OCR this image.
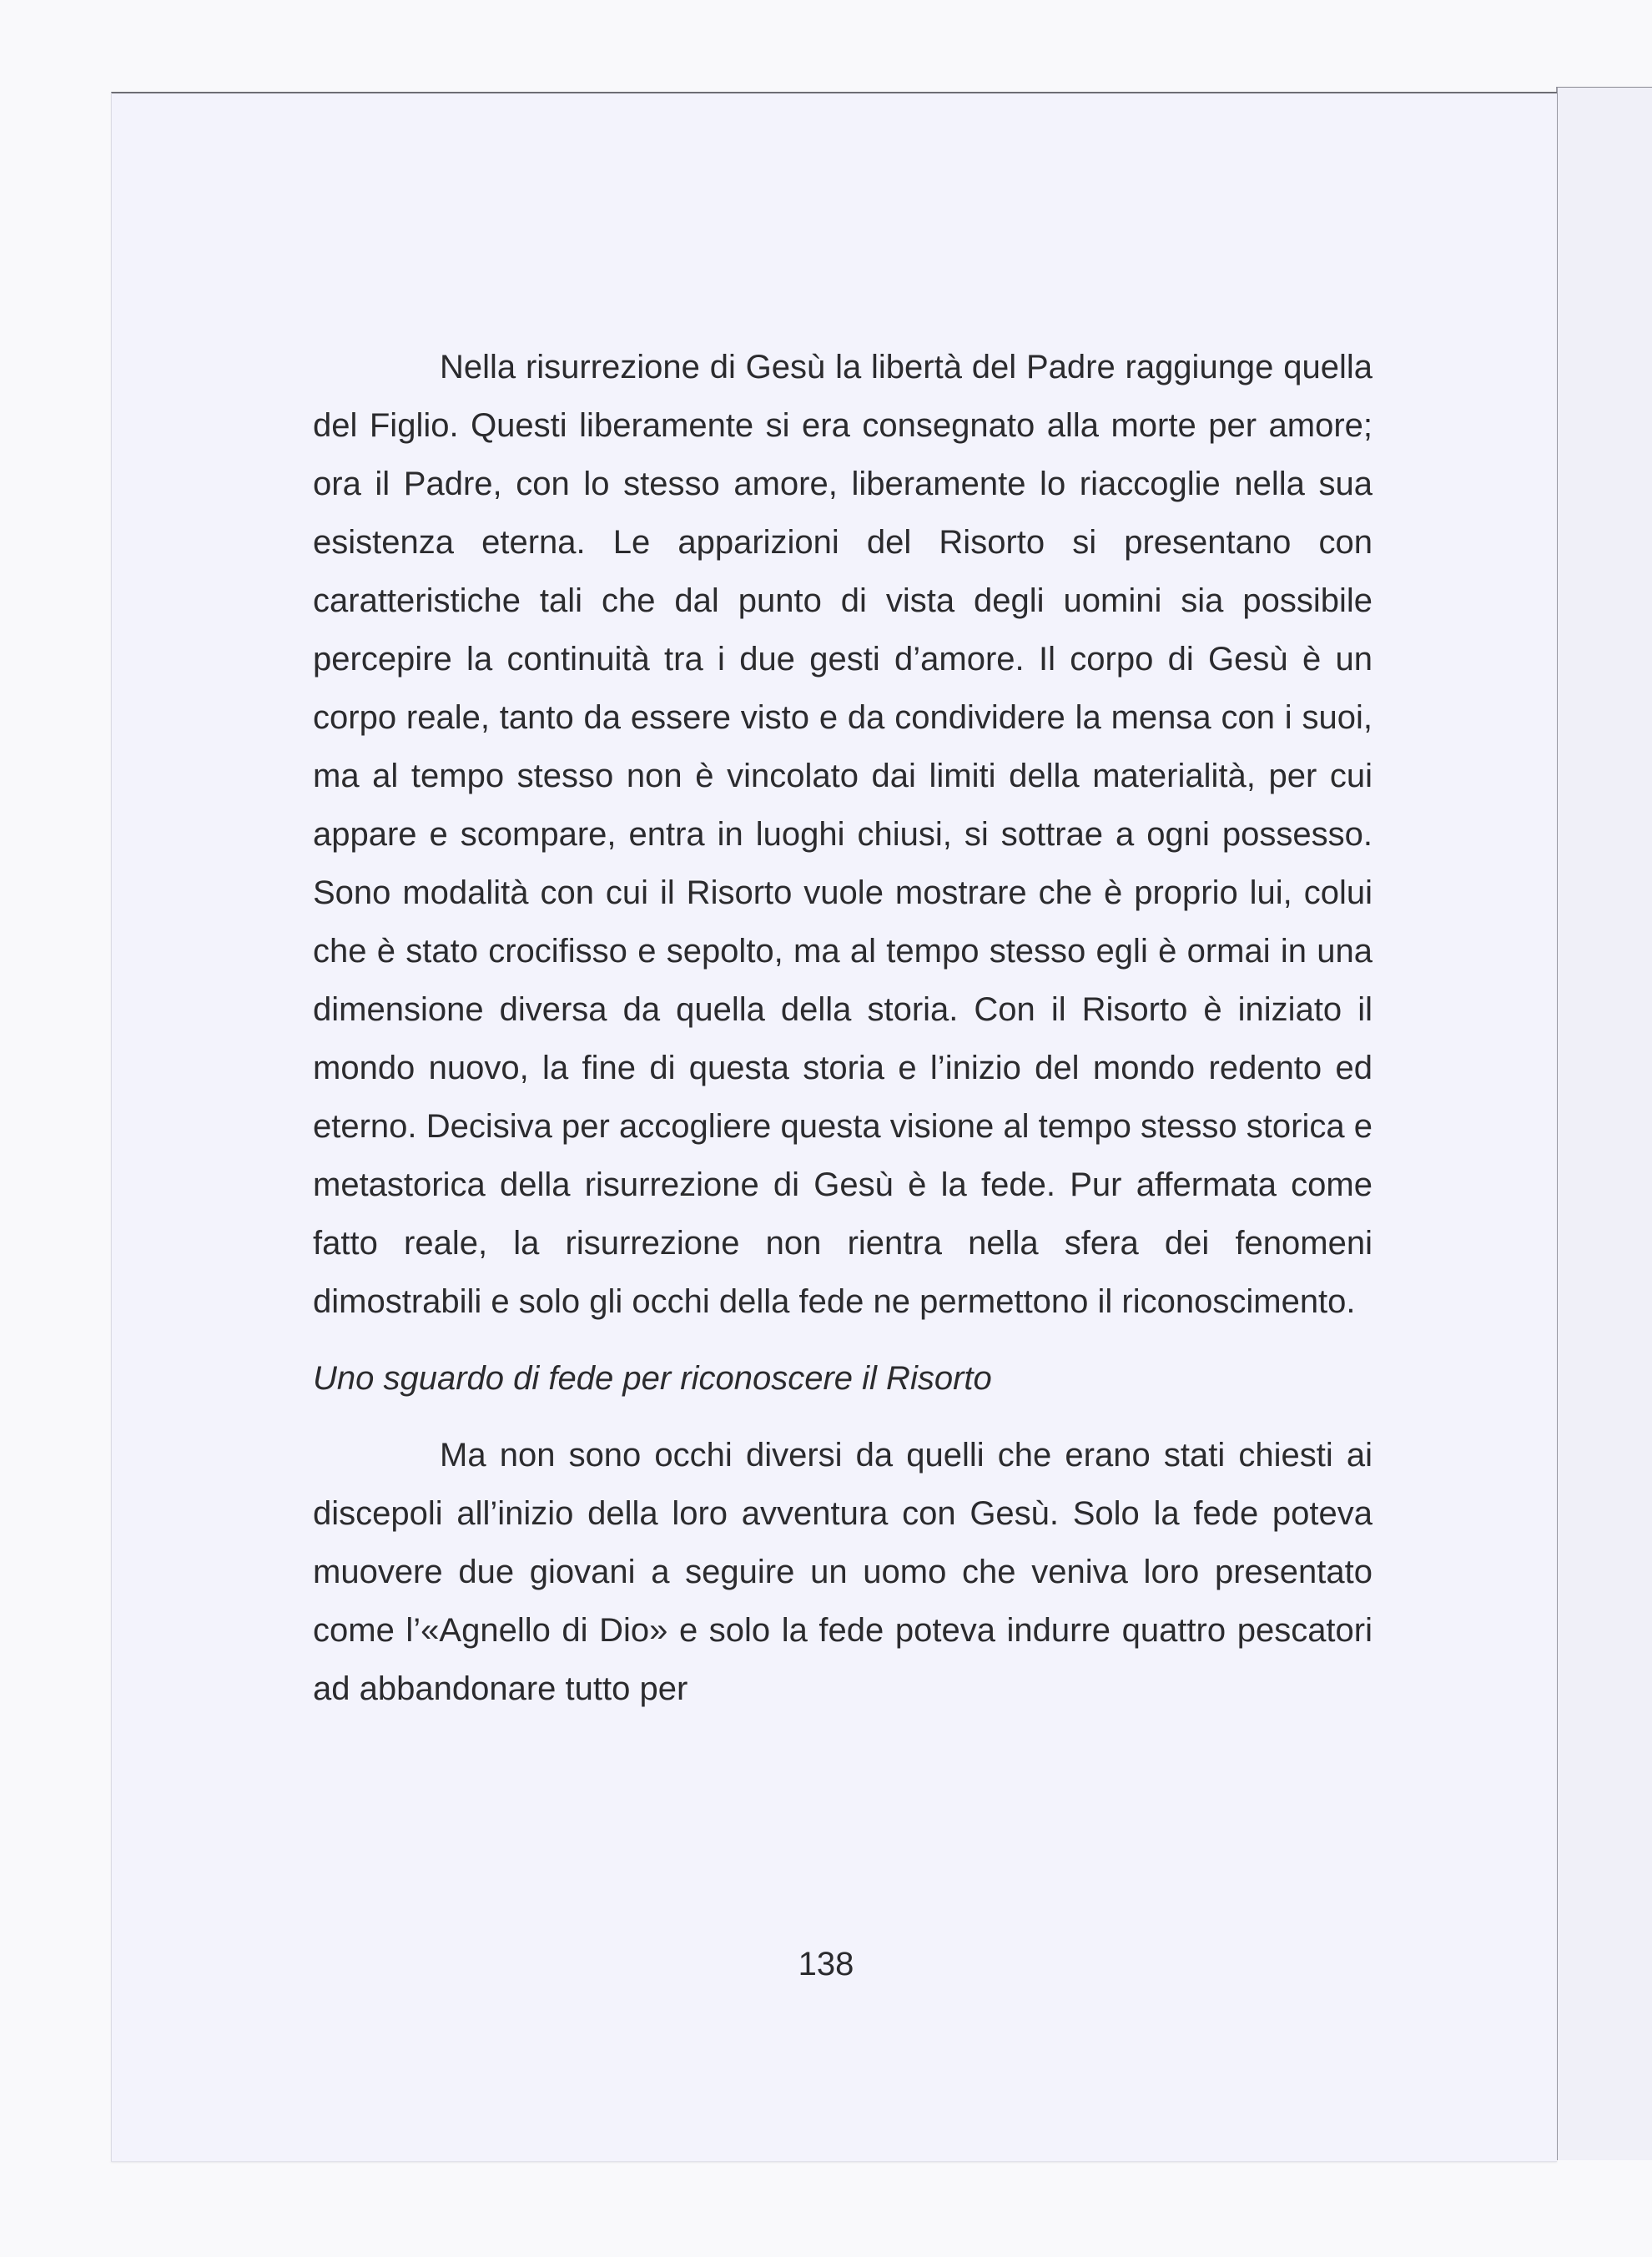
Nella risurrezione di Gesù la libertà del Padre raggiunge quella del Figlio. Questi liberamente si era consegnato alla morte per amore; ora il Padre, con lo stesso amore, liberamente lo riaccoglie nella sua esistenza eterna. Le apparizioni del Risorto si presentano con caratteristiche tali che dal punto di vista degli uomini sia possibile percepire la continuità tra i due gesti d’amore. Il corpo di Gesù è un corpo reale, tanto da essere visto e da condividere la mensa con i suoi, ma al tempo stesso non è vincolato dai limiti della materialità, per cui appare e scompare, entra in luoghi chiusi, si sottrae a ogni possesso. Sono modalità con cui il Risorto vuole mostrare che è proprio lui, colui che è stato crocifisso e sepolto, ma al tempo stesso egli è ormai in una dimensione diversa da quella della storia. Con il Risorto è iniziato il mondo nuovo, la fine di questa storia e l’inizio del mondo redento ed eterno. Decisiva per accogliere questa visione al tempo stesso storica e metastorica della risurrezione di Gesù è la fede. Pur affermata come fatto reale, la risurrezione non rientra nella sfera dei fenomeni dimostrabili e solo gli occhi della fede ne permettono il riconoscimento.

Uno sguardo di fede per riconoscere il Risorto

Ma non sono occhi diversi da quelli che erano stati chiesti ai discepoli all’inizio della loro avventura con Gesù. Solo la fede poteva muovere due giovani a seguire un uomo che veniva loro presentato come l’«Agnello di Dio» e solo la fede poteva indurre quattro pescatori ad abbandonare tutto per

138
